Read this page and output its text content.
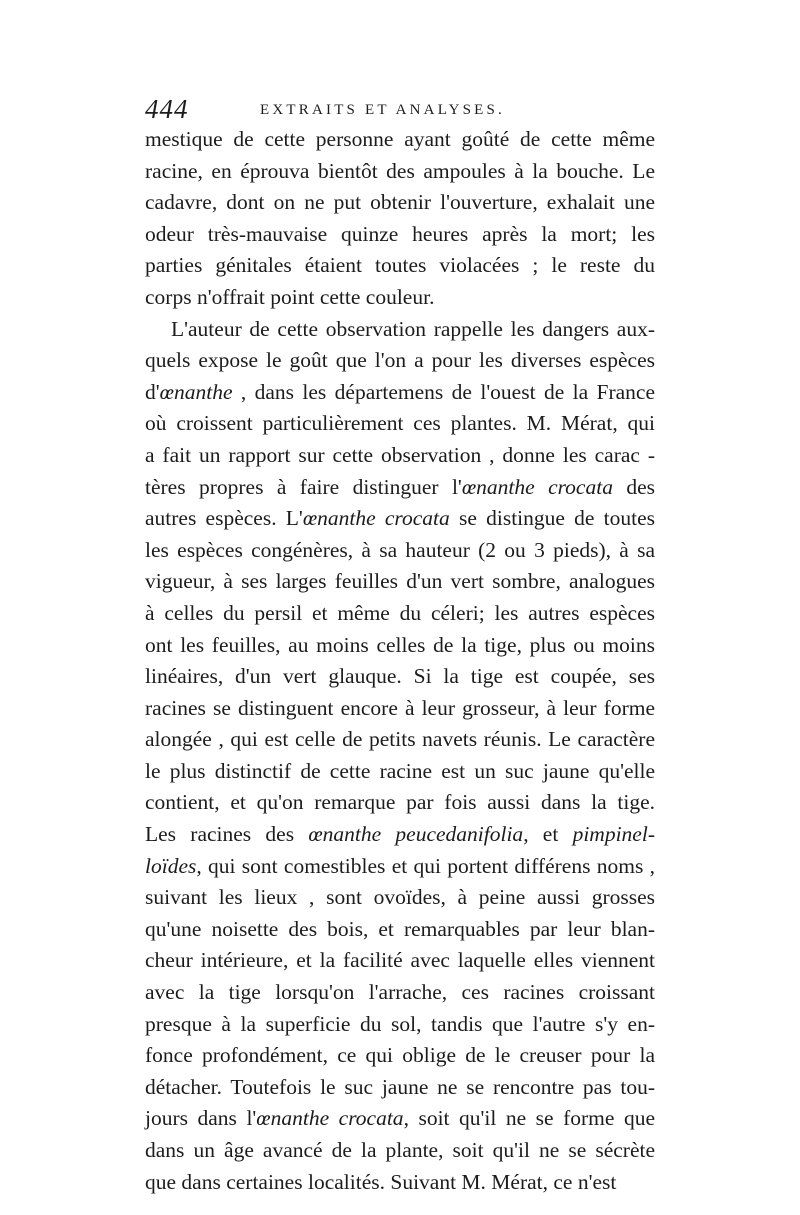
444	EXTRAITS ET ANALYSES.
mestique de cette personne ayant goûté de cette même
racine, en éprouva bientôt des ampoules à la bouche. Le
cadavre, dont on ne put obtenir l'ouverture, exhalait une
odeur très-mauvaise quinze heures après la mort; les
parties génitales étaient toutes violacées ; le reste du
corps n'offrait point cette couleur.
L'auteur de cette observation rappelle les dangers aux-
quels expose le goût que l'on a pour les diverses espèces
d'œnanthe , dans les départemens de l'ouest de la France
où croissent particulièrement ces plantes. M. Mérat, qui
a fait un rapport sur cette observation , donne les carac -
tères propres à faire distinguer l'œnanthe crocata des
autres espèces. L'œnanthe crocata se distingue de toutes
les espèces congénères, à sa hauteur (2 ou 3 pieds), à sa
vigueur, à ses larges feuilles d'un vert sombre, analogues
à celles du persil et même du céleri; les autres espèces
ont les feuilles, au moins celles de la tige, plus ou moins
linéaires, d'un vert glauque. Si la tige est coupée, ses
racines se distinguent encore à leur grosseur, à leur forme
alongée , qui est celle de petits navets réunis. Le caractère
le plus distinctif de cette racine est un suc jaune qu'elle
contient, et qu'on remarque par fois aussi dans la tige.
Les racines des œnanthe peucedanifolia, et pimpinel-
loïdes, qui sont comestibles et qui portent différens noms ,
suivant les lieux , sont ovoïdes, à peine aussi grosses
qu'une noisette des bois, et remarquables par leur blan-
cheur intérieure, et la facilité avec laquelle elles viennent
avec la tige lorsqu'on l'arrache, ces racines croissant
presque à la superficie du sol, tandis que l'autre s'y en-
fonce profondément, ce qui oblige de le creuser pour la
détacher. Toutefois le suc jaune ne se rencontre pas tou-
jours dans l'œnanthe crocata, soit qu'il ne se forme que
dans un âge avancé de la plante, soit qu'il ne se sécrète
que dans certaines localités. Suivant M. Mérat, ce n'est
